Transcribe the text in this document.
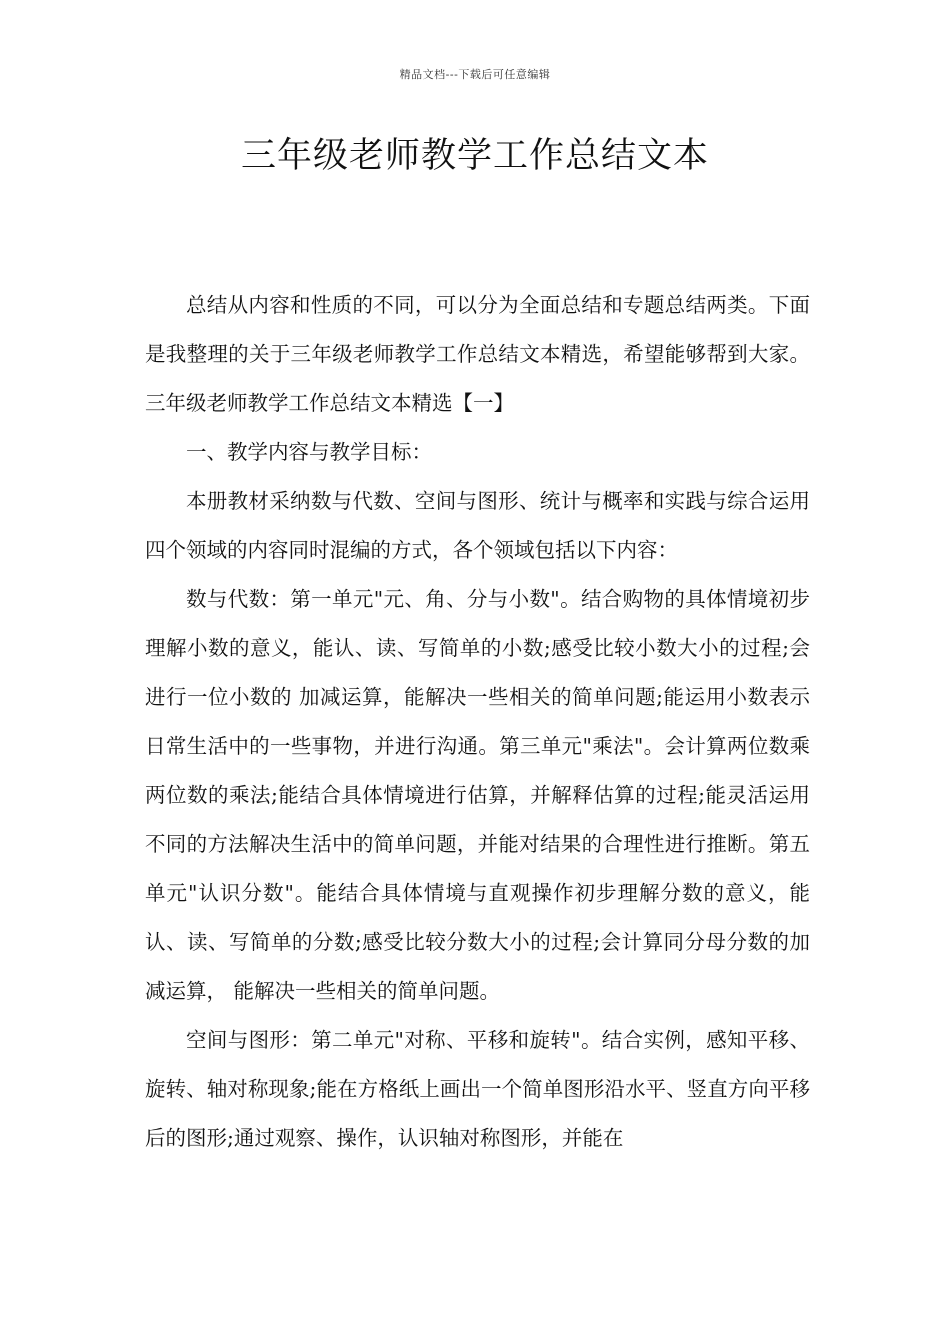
精品文档---下载后可任意编辑
三年级老师教学工作总结文本

总结从内容和性质的不同，可以分为全面总结和专题总结两类。下面是我整理的关于三年级老师教学工作总结文本精选，希望能够帮到大家。三年级老师教学工作总结文本精选【一】

一、教学内容与教学目标：

本册教材采纳数与代数、空间与图形、统计与概率和实践与综合运用四个领域的内容同时混编的方式，各个领域包括以下内容：

数与代数：第一单元"元、角、分与小数"。结合购物的具体情境初步理解小数的意义，能认、读、写简单的小数;感受比较小数大小的过程;会进行一位小数的 加减运算，能解决一些相关的简单问题;能运用小数表示日常生活中的一些事物，并进行沟通。第三单元"乘法"。会计算两位数乘两位数的乘法;能结合具体情境进行估算，并解释估算的过程;能灵活运用不同的方法解决生活中的简单问题，并能对结果的合理性进行推断。第五单元"认识分数"。能结合具体情境与直观操作初步理解分数的意义，能认、读、写简单的分数;感受比较分数大小的过程;会计算同分母分数的加减运算， 能解决一些相关的简单问题。

空间与图形：第二单元"对称、平移和旋转"。结合实例，感知平移、旋转、轴对称现象;能在方格纸上画出一个简单图形沿水平、竖直方向平移后的图形;通过观察、操作，认识轴对称图形，并能在
